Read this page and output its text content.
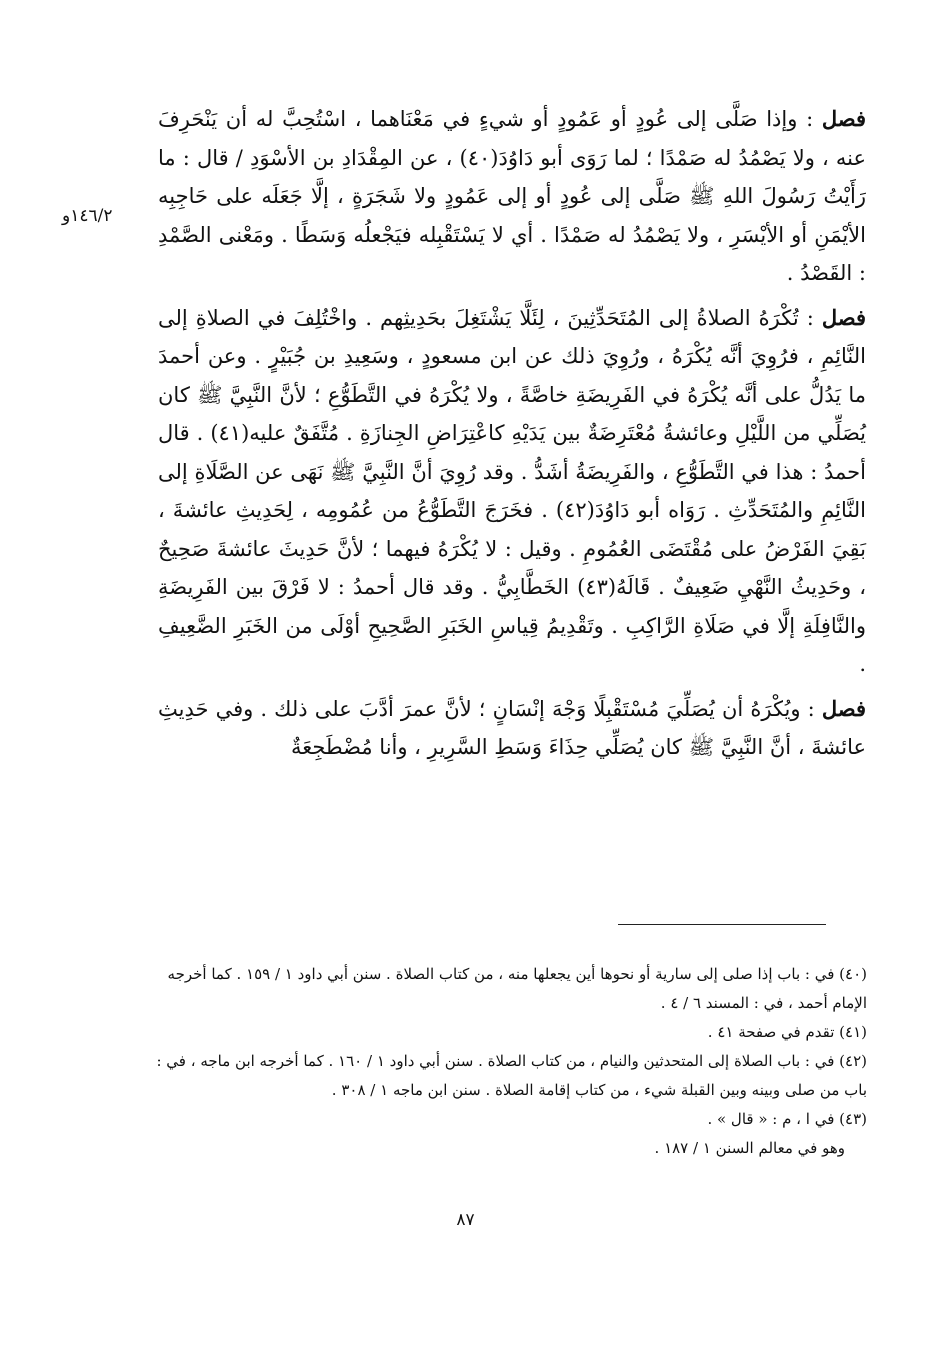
١٤٦/٢و

فصل : وإذا صَلَّى إلى عُودٍ أو عَمُودٍ أو شيءٍ في مَعْنَاهما ، اسْتُحِبَّ له أن يَنْحَرِفَ عنه ، ولا يَصْمُدُ له صَمْدًا ؛ لما رَوَى أبو دَاوُدَ(٤٠) ، عن المِقْدَادِ بن الأسْوَدِ / قال : ما رَأَيْتُ رَسُولَ اللهِ ﷺ صَلَّى إلى عُودٍ أو إلى عَمُودٍ ولا شَجَرَةٍ ، إلَّا جَعَلَه على حَاجِبِه الأيْمَنِ أو الأيْسَرِ ، ولا يَصْمُدُ له صَمْدًا . أي لا يَسْتَقْبِله فيَجْعلُه وَسَطًا . ومَعْنى الصَّمْدِ : القَصْدُ .

فصل : تُكْرَهُ الصلاةُ إلى المُتَحَدِّثِينَ ، لِئَلَّا يَشْتَغِلَ بحَدِيثِهم . واخْتُلِفَ في الصلاةِ إلى النَّائِمِ ، فرُوِيَ أنَّه يُكْرَهُ ، ورُوِيَ ذلك عن ابن مسعودٍ ، وسَعِيدِ بن جُبَيْرٍ . وعن أحمدَ ما يَدُلُّ على أنَّه يُكْرَهُ في الفَرِيضَةِ خاصَّةً ، ولا يُكْرَهُ في التَّطَوُّعِ ؛ لأنَّ النَّبِيَّ ﷺ كان يُصَلِّي من اللَّيْلِ وعائشةُ مُعْتَرِضَةٌ بين يَدَيْهِ كاعْتِرَاضِ الجِنازَةِ . مُتَّفَقٌ عليه(٤١) . قال أحمدُ : هذا في التَّطَوُّعِ ، والفَرِيضَةُ أشَدُّ . وقد رُوِيَ أنَّ النَّبِيَّ ﷺ نَهَى عن الصَّلَاةِ إلى النَّائِمِ والمُتَحَدِّثِ . رَوَاه أبو دَاوُدَ(٤٢) . فخَرَجَ التَّطَوُّعُ من عُمُومِه ، لِحَدِيثِ عائشةَ ، بَقِيَ الفَرْضُ على مُقْتَضَى العُمُومِ . وقيل : لا يُكْرَهُ فيهما ؛ لأنَّ حَدِيثَ عائشةَ صَحِيحٌ ، وحَدِيثُ النَّهْيِ ضَعِيفٌ . قَالَهُ(٤٣) الخَطَّابِيُّ . وقد قال أحمدُ : لا فَرْقَ بين الفَرِيضَةِ والنَّافِلَةِ إلَّا في صَلَاةِ الرَّاكِبِ . وتَقْدِيمُ قِياسِ الخَبَرِ الصَّحِيحِ أوْلَى من الخَبَرِ الضَّعِيفِ .

فصل : ويُكْرَهُ أن يُصَلِّيَ مُسْتَقْبِلًا وَجْهَ إنْسَانٍ ؛ لأنَّ عمرَ أدَّبَ على ذلك . وفي حَدِيثِ عائشةَ ، أنَّ النَّبِيَّ ﷺ كان يُصَلِّي حِذَاءَ وَسَطِ السَّرِيرِ ، وأنا مُضْطَجِعَةٌ

(٤٠) في : باب إذا صلى إلى سارية أو نحوها أين يجعلها منه ، من كتاب الصلاة . سنن أبي داود ١ / ١٥٩ . كما أخرجه الإمام أحمد ، في : المسند ٦ / ٤ .

(٤١) تقدم في صفحة ٤١ .

(٤٢) في : باب الصلاة إلى المتحدثين والنيام ، من كتاب الصلاة . سنن أبي داود ١ / ١٦٠ . كما أخرجه ابن ماجه ، في : باب من صلى وبينه وبين القبلة شيء ، من كتاب إقامة الصلاة . سنن ابن ماجه ١ / ٣٠٨ .

(٤٣) في ا ، م : « قال » .

وهو في معالم السنن ١ / ١٨٧ .

٨٧
